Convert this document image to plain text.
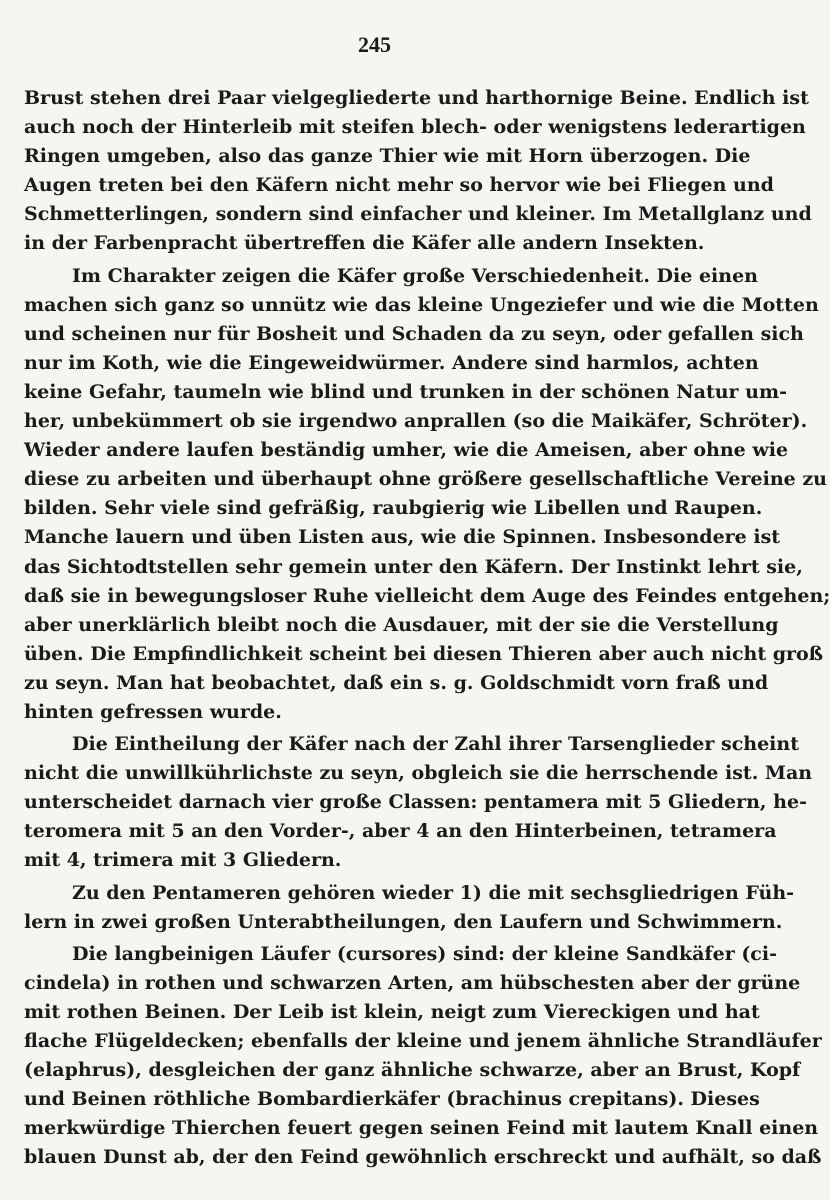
245
Brust stehen drei Paar vielgegliederte und harthornige Beine. Endlich ist
auch noch der Hinterleib mit steifen blech- oder wenigstens lederartigen
Ringen umgeben, also das ganze Thier wie mit Horn überzogen. Die
Augen treten bei den Käfern nicht mehr so hervor wie bei Fliegen und
Schmetterlingen, sondern sind einfacher und kleiner. Im Metallglanz und
in der Farbenpracht übertreffen die Käfer alle andern Insekten.
Im Charakter zeigen die Käfer große Verschiedenheit. Die einen
machen sich ganz so unnütz wie das kleine Ungeziefer und wie die Motten
und scheinen nur für Bosheit und Schaden da zu seyn, oder gefallen sich
nur im Koth, wie die Eingeweidwürmer. Andere sind harmlos, achten
keine Gefahr, taumeln wie blind und trunken in der schönen Natur um-
her, unbekümmert ob sie irgendwo anprallen (so die Maikäfer, Schröter).
Wieder andere laufen beständig umher, wie die Ameisen, aber ohne wie
diese zu arbeiten und überhaupt ohne größere gesellschaftliche Vereine zu
bilden. Sehr viele sind gefräßig, raubgierig wie Libellen und Raupen.
Manche lauern und üben Listen aus, wie die Spinnen. Insbesondere ist
das Sichtodtstellen sehr gemein unter den Käfern. Der Instinkt lehrt sie,
daß sie in bewegungsloser Ruhe vielleicht dem Auge des Feindes entgehen;
aber unerklärlich bleibt noch die Ausdauer, mit der sie die Verstellung
üben. Die Empfindlichkeit scheint bei diesen Thieren aber auch nicht groß
zu seyn. Man hat beobachtet, daß ein s. g. Goldschmidt vorn fraß und
hinten gefressen wurde.
Die Eintheilung der Käfer nach der Zahl ihrer Tarsenglieder scheint
nicht die unwillkührlichste zu seyn, obgleich sie die herrschende ist. Man
unterscheidet darnach vier große Classen: pentamera mit 5 Gliedern, he-
teromera mit 5 an den Vorder-, aber 4 an den Hinterbeinen, tetramera
mit 4, trimera mit 3 Gliedern.
Zu den Pentameren gehören wieder 1) die mit sechsgliedrigen Füh-
lern in zwei großen Unterabtheilungen, den Laufern und Schwimmern.
Die langbeinigen Läufer (cursores) sind: der kleine Sandkäfer (ci-
cindela) in rothen und schwarzen Arten, am hübschesten aber der grüne
mit rothen Beinen. Der Leib ist klein, neigt zum Viereckigen und hat
flache Flügeldecken; ebenfalls der kleine und jenem ähnliche Strandläufer
(elaphrus), desgleichen der ganz ähnliche schwarze, aber an Brust, Kopf
und Beinen röthliche Bombardierkäfer (brachinus crepitans). Dieses
merkwürdige Thierchen feuert gegen seinen Feind mit lautem Knall einen
blauen Dunst ab, der den Feind gewöhnlich erschreckt und aufhält, so daß
